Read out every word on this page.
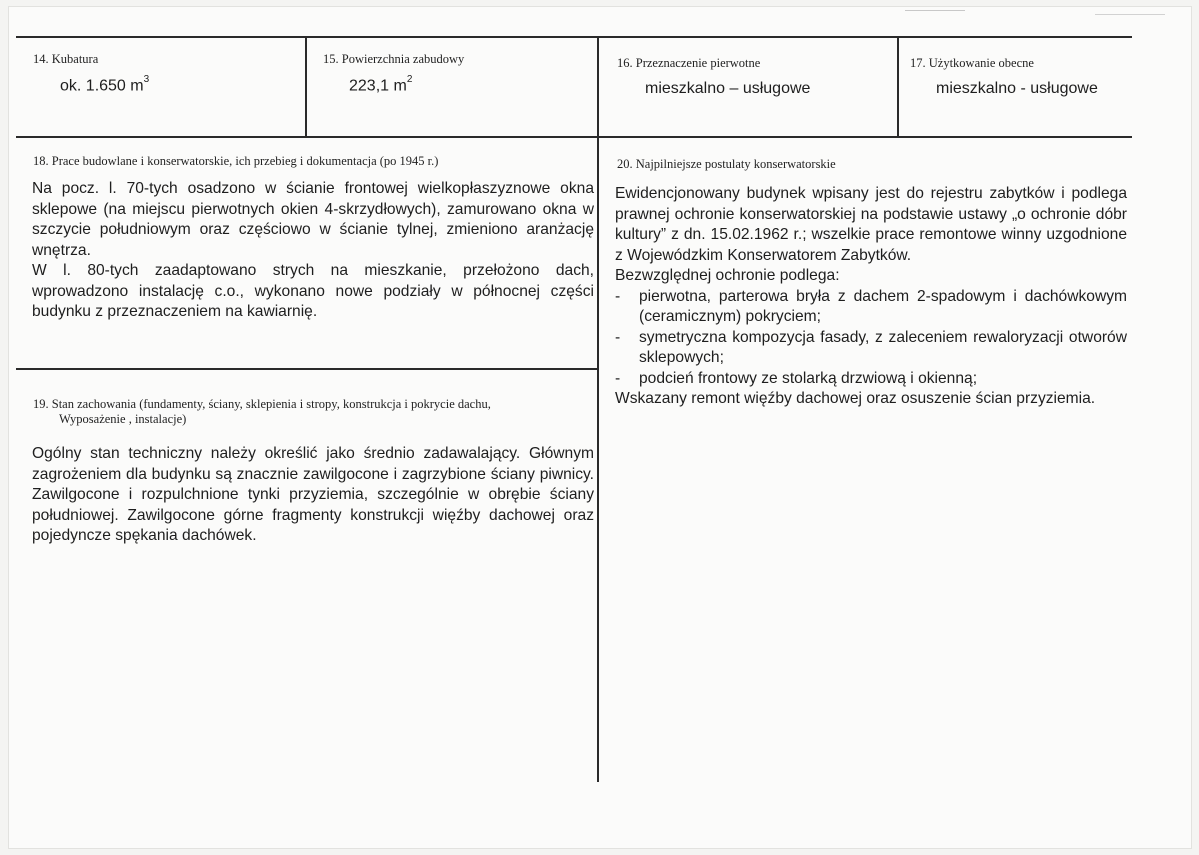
14. Kubatura
ok. 1.650 $m^3$
15. Powierzchnia zabudowy
223,1 $m^2$
16. Przeznaczenie pierwotne
mieszkalno – usługowe
17. Użytkowanie obecne
mieszkalno - usługowe
18. Prace budowlane i konserwatorskie, ich przebieg i dokumentacja (po 1945 r.)

Na pocz. l. 70-tych osadzono w ścianie frontowej wielkopłaszyznowe okna sklepowe (na miejscu pierwotnych okien 4-skrzydłowych), zamurowano okna w szczycie południowym oraz częściowo w ścianie tylnej, zmieniono aranżację wnętrza.

W l. 80-tych zaadaptowano strych na mieszkanie, przełożono dach, wprowadzono instalację c.o., wykonano nowe podziały w północnej części budynku z przeznaczeniem na kawiarnię.

19. Stan zachowania (fundamenty, ściany, sklepienia i stropy, konstrukcja i pokrycie dachu,
Wyposażenie , instalacje)
Ogólny stan techniczny należy określić jako średnio zadawalający. Głównym zagrożeniem dla budynku są znacznie zawilgocone i zagrzybione ściany piwnicy. Zawilgocone i rozpulchnione tynki przyziemia, szczególnie w obrębie ściany południowej. Zawilgocone górne fragmenty konstrukcji więźby dachowej oraz pojedyncze spękania dachówek.
20. Najpilniejsze postulaty konserwatorskie

Ewidencjonowany budynek wpisany jest do rejestru zabytków i podlega prawnej ochronie konserwatorskiej na podstawie ustawy „o ochronie dóbr kultury” z dn. 15.02.1962 r.; wszelkie prace remontowe winny uzgodnione z Wojewódzkim Konserwatorem Zabytków.

Bezwzględnej ochronie podlega:

-	pierwotna, parterowa bryła z dachem 2-spadowym i dachówkowym (ceramicznym) pokryciem;
-	symetryczna kompozycja fasady, z zaleceniem rewaloryzacji otworów sklepowych;
-	podcień frontowy ze stolarką drzwiową i okienną;

Wskazany remont więźby dachowej oraz osuszenie ścian przyziemia.
